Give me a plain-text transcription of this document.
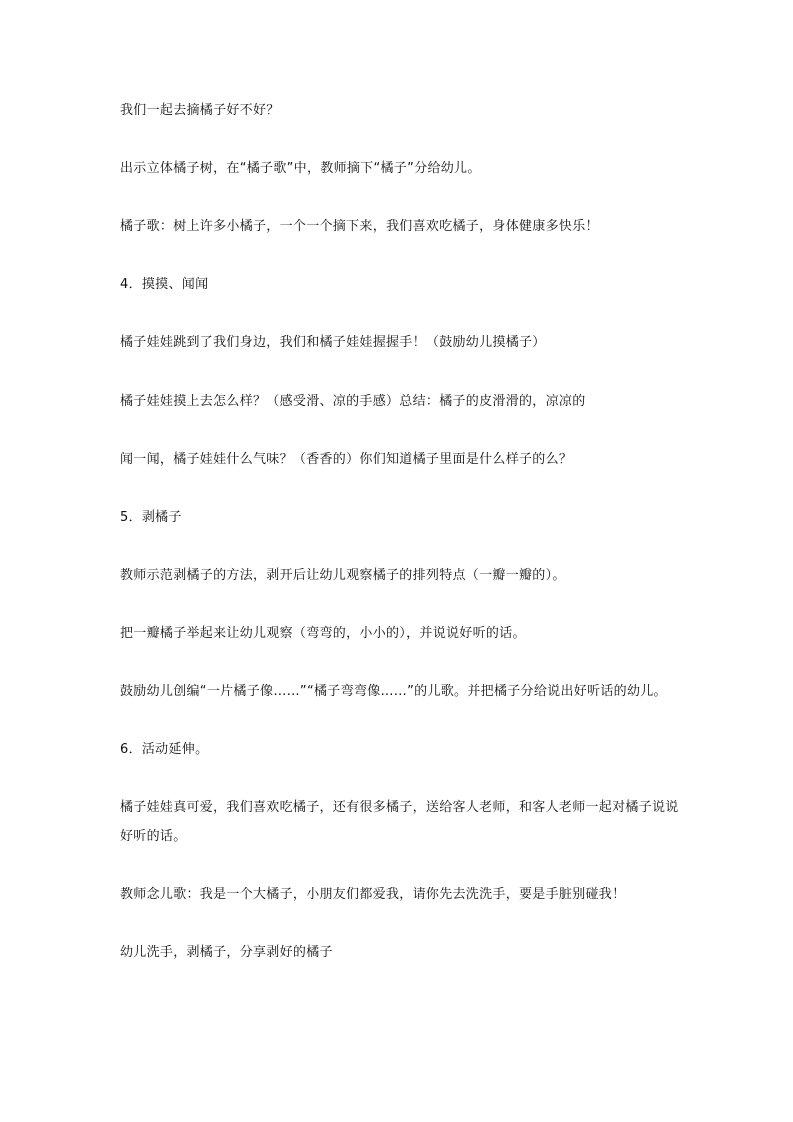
我们一起去摘橘子好不好？
出示立体橘子树，在“橘子歌”中，教师摘下“橘子”分给幼儿。
橘子歌：树上许多小橘子，一个一个摘下来，我们喜欢吃橘子，身体健康多快乐！
4．摸摸、闻闻
橘子娃娃跳到了我们身边，我们和橘子娃娃握握手！（鼓励幼儿摸橘子）
橘子娃娃摸上去怎么样？（感受滑、凉的手感）总结：橘子的皮滑滑的，凉凉的
闻一闻，橘子娃娃什么气味？（香香的）你们知道橘子里面是什么样子的么？
5．剥橘子
教师示范剥橘子的方法，剥开后让幼儿观察橘子的排列特点（一瓣一瓣的）。
把一瓣橘子举起来让幼儿观察（弯弯的，小小的），并说说好听的话。
鼓励幼儿创编“一片橘子像……”“橘子弯弯像……”的儿歌。并把橘子分给说出好听话的幼儿。
6．活动延伸。
橘子娃娃真可爱，我们喜欢吃橘子，还有很多橘子，送给客人老师，和客人老师一起对橘子说说
好听的话。
教师念儿歌：我是一个大橘子，小朋友们都爱我，请你先去洗洗手，要是手脏别碰我！
幼儿洗手，剥橘子，分享剥好的橘子
